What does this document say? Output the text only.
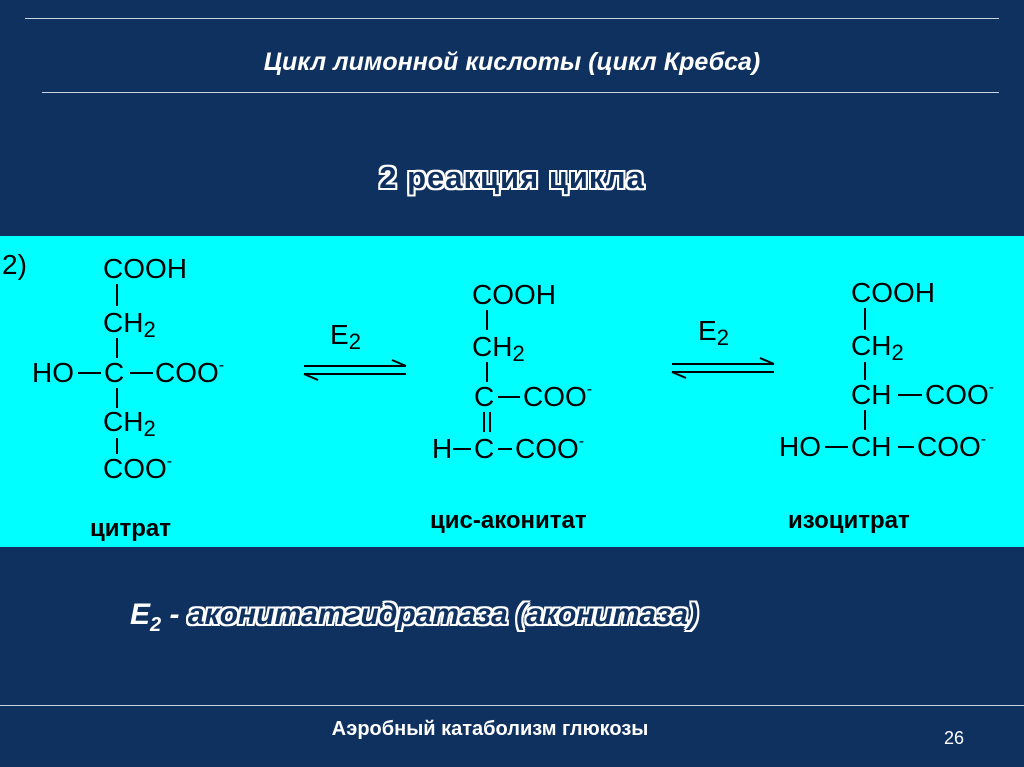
Цикл лимонной кислоты (цикл Кребса)
2 реакция цикла
2)	COOH
CH2
HO C COO-
CH2
COO-
цитрат
E2
COOH
CH2
C COO-
H C COO-
цис-аконитат
E2
COOH
CH2
CH COO-
HO CH COO-
изоцитрат
$E_2$ - аконитатгидратаза (аконитаза)
Аэробный катаболизм глюкозы	26
